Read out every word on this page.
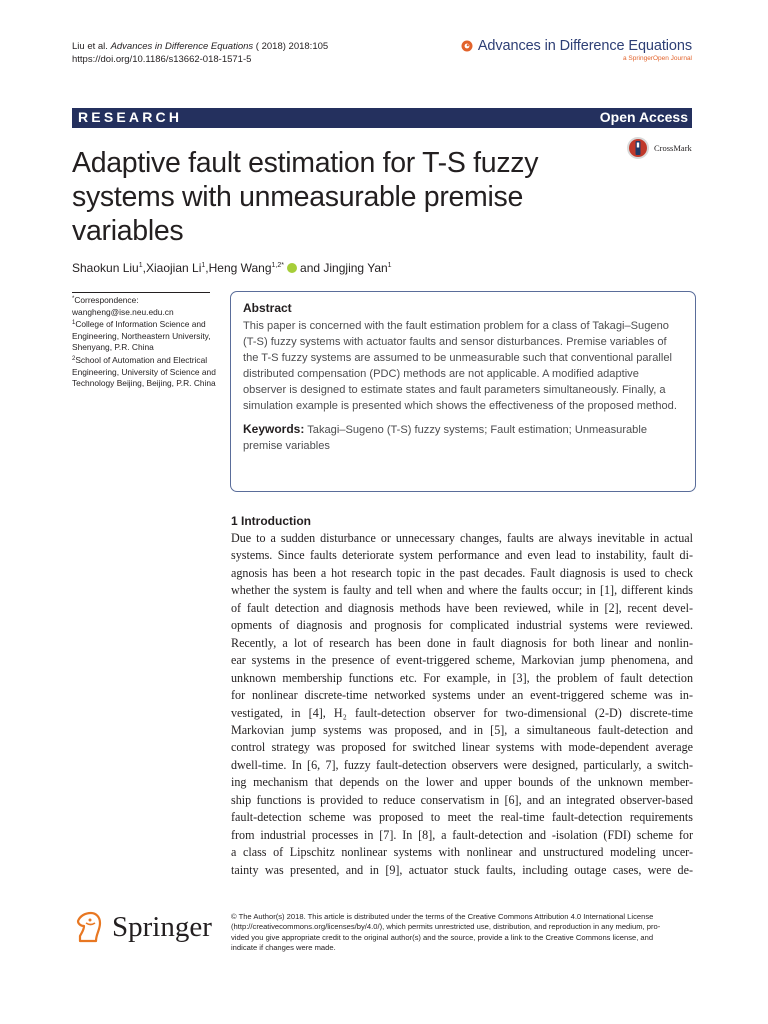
Liu et al. Advances in Difference Equations ( 2018) 2018:105
https://doi.org/10.1186/s13662-018-1571-5
Advances in Difference Equations
a SpringerOpen Journal
RESEARCH	Open Access
CrossMark
Adaptive fault estimation for T-S fuzzy systems with unmeasurable premise variables
Shaokun Liu$^1$ , Xiaojian Li$^1$ , Heng Wang$^{1,2*}$ and
Jingjing Yan$^1$

*Correspondence:

wangheng@ise.neu.edu.cn

$^1$College of Information Science and Engineering, Northeastern University, Shenyang, P.R. China

$^2$School of Automation and Electrical Engineering, University of Science and Technology Beijing, Beijing, P.R. China

Abstract

This paper is concerned with the fault estimation problem for a class of Takagi–Sugeno (T-S) fuzzy systems with actuator faults and sensor disturbances. Premise variables of the T-S fuzzy systems are assumed to be unmeasurable such that conventional parallel distributed compensation (PDC) methods are not applicable. A modified adaptive observer is designed to estimate states and fault parameters simultaneously. Finally, a simulation example is presented which shows the effectiveness of the proposed method.

Keywords: Takagi–Sugeno (T-S) fuzzy systems; Fault estimation; Unmeasurable premise variables
1 Introduction
Due to a sudden disturbance or unnecessary changes, faults are always inevitable in actual
systems. Since faults deteriorate system performance and even lead to instability, fault di-
agnosis has been a hot research topic in the past decades. Fault diagnosis is used to check
whether the system is faulty and tell when and where the faults occur; in [1], different kinds
of fault detection and diagnosis methods have been reviewed, while in [2], recent devel-
opments of diagnosis and prognosis for complicated industrial systems were reviewed.
Recently, a lot of research has been done in fault diagnosis for both linear and nonlin-
ear systems in the presence of event-triggered scheme, Markovian jump phenomena, and
unknown membership functions etc. For example, in [3], the problem of fault detection
for nonlinear discrete-time networked systems under an event-triggered scheme was in-
vestigated, in [4], H₂ fault-detection observer for two-dimensional (2-D) discrete-time
Markovian jump systems was proposed, and in [5], a simultaneous fault-detection and
control strategy was proposed for switched linear systems with mode-dependent average
dwell-time. In [6, 7], fuzzy fault-detection observers were designed, particularly, a switch-
ing mechanism that depends on the lower and upper bounds of the unknown member-
ship functions is provided to reduce conservatism in [6], and an integrated observer-based
fault-detection scheme was proposed to meet the real-time fault-detection requirements
from industrial processes in [7]. In [8], a fault-detection and -isolation (FDI) scheme for
a class of Lipschitz nonlinear systems with nonlinear and unstructured modeling uncer-
tainty was presented, and in [9], actuator stuck faults, including outage cases, were de-
Springer	© The Author(s) 2018. This article is distributed under the terms of the Creative Commons Attribution 4.0 International License
(http://creativecommons.org/licenses/by/4.0/), which permits unrestricted use, distribution, and reproduction in any medium, pro-
vided you give appropriate credit to the original author(s) and the source, provide a link to the Creative Commons license, and
indicate if changes were made.
